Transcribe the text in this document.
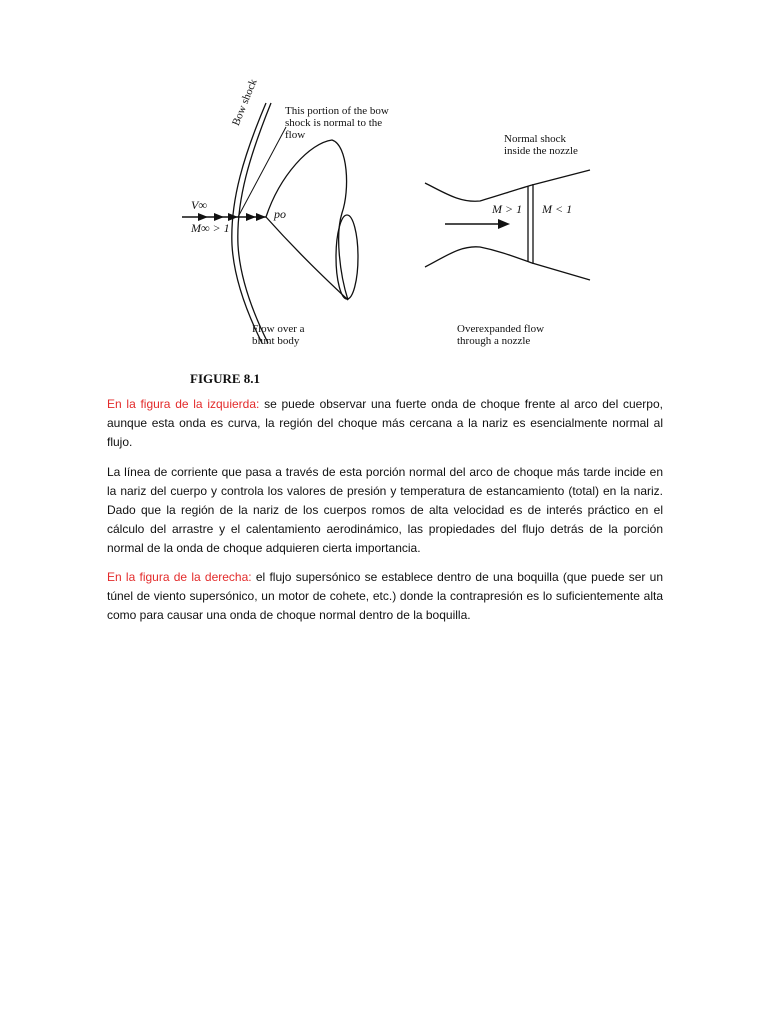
Bow shock This portion of the bow
shock is normal to the
flow
V∞
M∞ > 1
po
Flow over a
blunt body
Normal shock
inside the nozzle
M > 1 M < 1
Overexpanded flow
through a nozzle
FIGURE 8.1

En la figura de la izquierda: se puede observar una fuerte onda de choque frente al arco del cuerpo, aunque esta onda es curva, la región del choque más cercana a la nariz es esencialmente normal al flujo.

La línea de corriente que pasa a través de esta porción normal del arco de choque más tarde incide en la nariz del cuerpo y controla los valores de presión y temperatura de estancamiento (total) en la nariz. Dado que la región de la nariz de los cuerpos romos de alta velocidad es de interés práctico en el cálculo del arrastre y el calentamiento aerodinámico, las propiedades del flujo detrás de la porción normal de la onda de choque adquieren cierta importancia.

En la figura de la derecha: el flujo supersónico se establece dentro de una boquilla (que puede ser un túnel de viento supersónico, un motor de cohete, etc.) donde la contrapresión es lo suficientemente alta como para causar una onda de choque normal dentro de la boquilla.
